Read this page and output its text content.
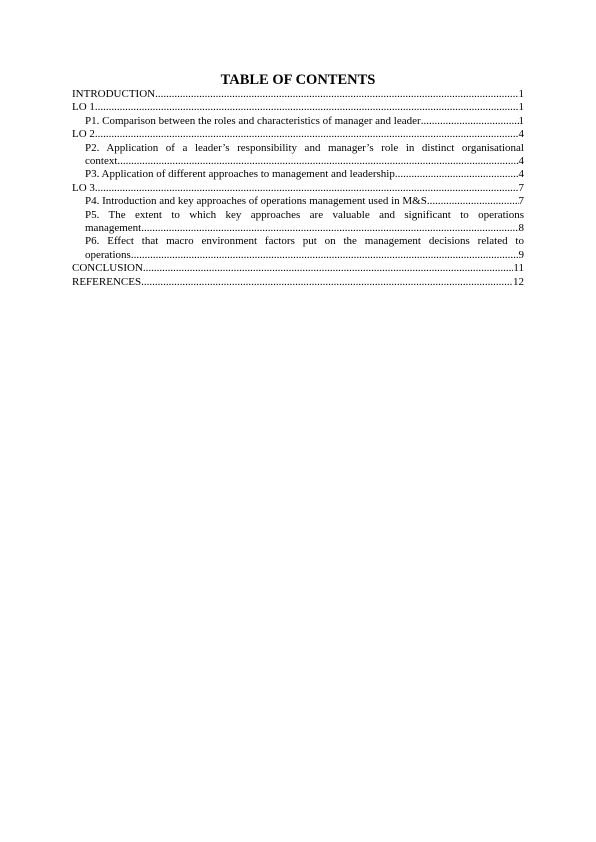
TABLE OF CONTENTS
INTRODUCTION .....	1
LO 1 .....	1
P1. Comparison between the roles and characteristics of manager and leader .....	1
LO 2 .....	4
P2. Application of a leader’s responsibility and manager’s role in distinct organisational
context .....	4
P3. Application of different approaches to management and leadership .....	4
LO 3 .....	7
P4. Introduction and key approaches of operations management used in M&S .....	7
P5. The extent to which key approaches are valuable and significant to operations
management .....	8
P6. Effect that macro environment factors put on the management decisions related to
operations .....	9
CONCLUSION .....	11
REFERENCES .....	12
